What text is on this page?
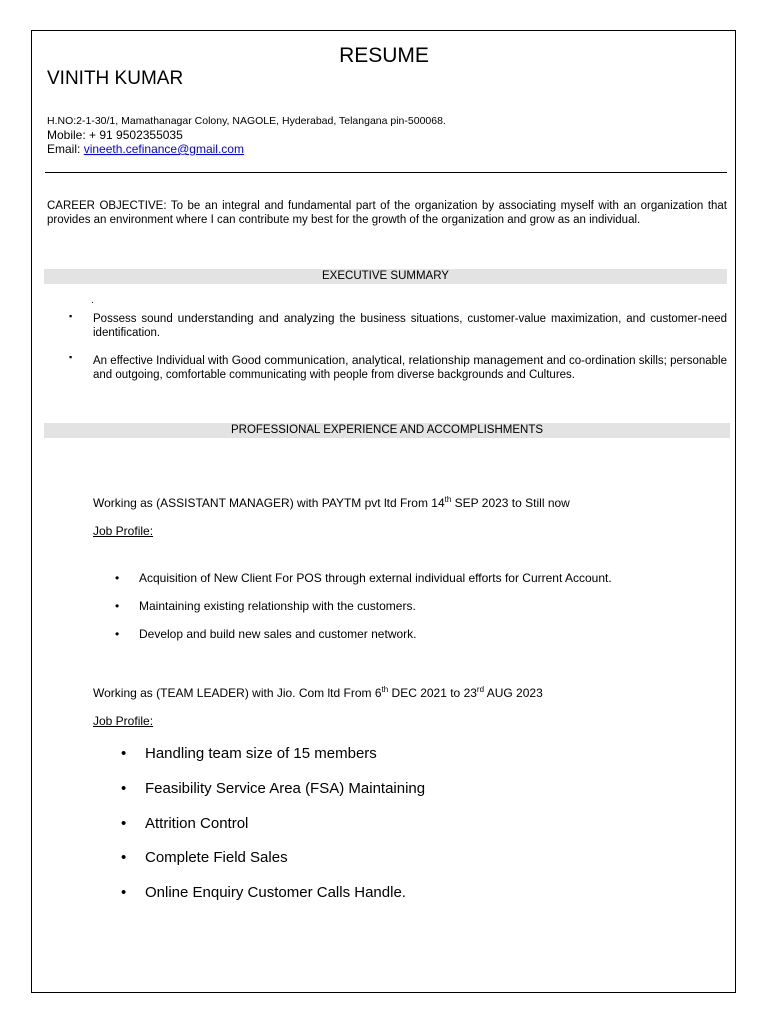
RESUME
VINITH KUMAR
H.NO:2-1-30/1, Mamathanagar Colony, NAGOLE, Hyderabad, Telangana pin-500068.
Mobile: + 91 9502355035
Email: vineeth.cefinance@gmail.com
CAREER OBJECTIVE: To be an integral and fundamental part of the organization by associating myself with an organization that provides an environment where I can contribute my best for the growth of the organization and grow as an individual.
EXECUTIVE SUMMARY
.
▪ Possess sound understanding and analyzing the business situations, customer-value maximization, and customer-need identification.
▪ An effective Individual with Good communication, analytical, relationship management and co-ordination skills; personable and outgoing, comfortable communicating with people from diverse backgrounds and Cultures.
PROFESSIONAL EXPERIENCE AND ACCOMPLISHMENTS
Working as (ASSISTANT MANAGER) with PAYTM pvt ltd From 14th SEP 2023 to Still now
Job Profile:
• Acquisition of New Client For POS through external individual efforts for Current Account.
• Maintaining existing relationship with the customers.
• Develop and build new sales and customer network.
Working as (TEAM LEADER) with Jio. Com ltd From 6th DEC 2021 to 23rd AUG 2023
Job Profile:
• Handling team size of 15 members
• Feasibility Service Area (FSA) Maintaining
• Attrition Control
• Complete Field Sales
• Online Enquiry Customer Calls Handle.
